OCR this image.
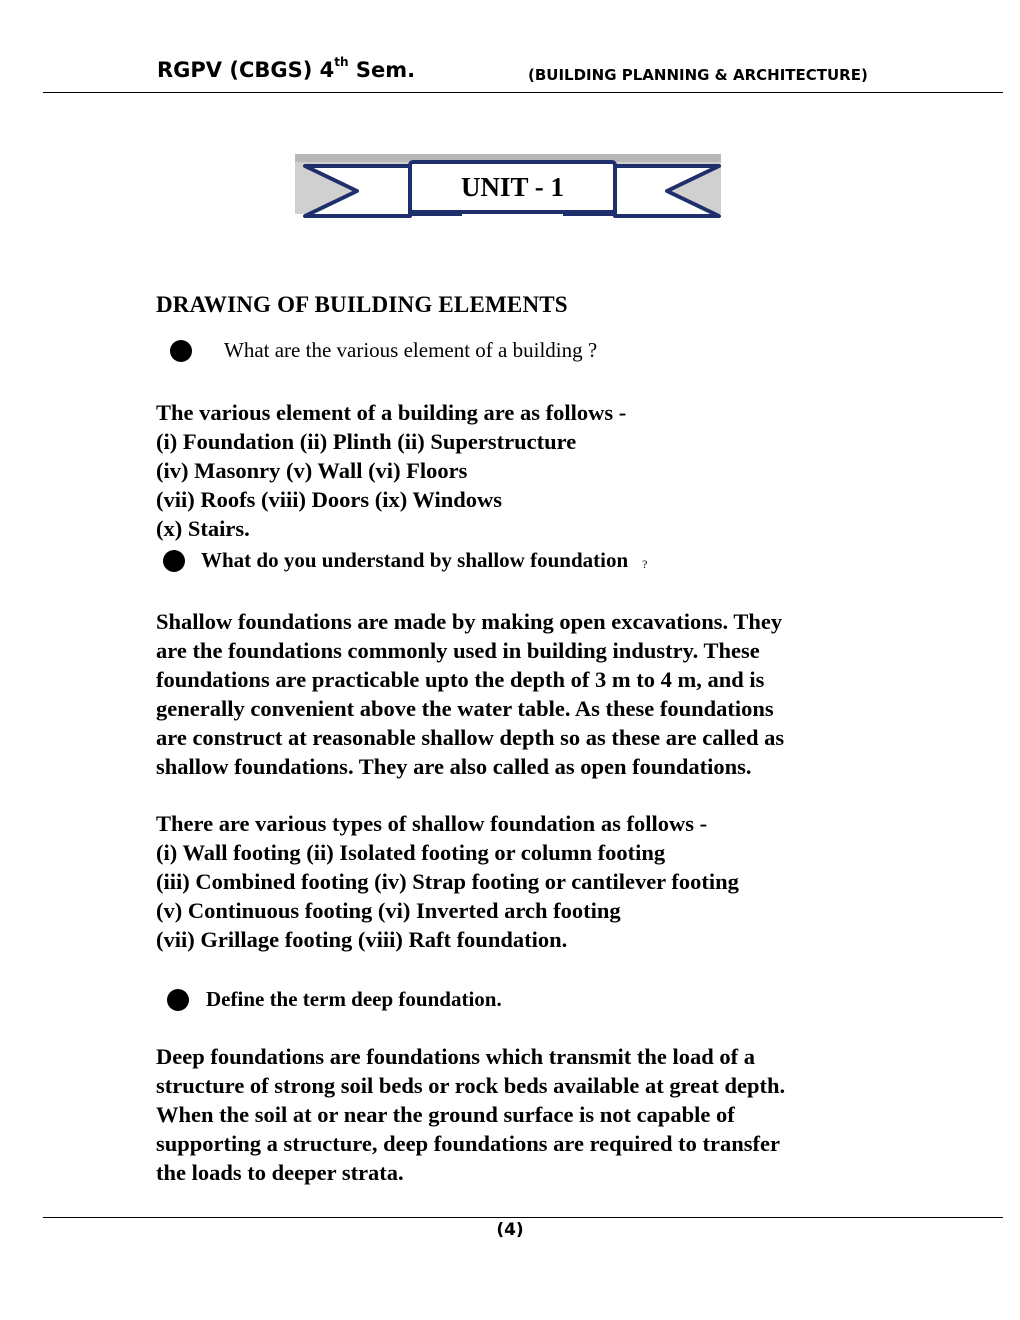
RGPV (CBGS) 4th Sem.	(BUILDING PLANNING & ARCHITECTURE)
UNIT - 1
DRAWING OF BUILDING ELEMENTS
What are the various element of a building ?
The various element of a building are as follows -
(i) Foundation (ii) Plinth (ii) Superstructure
(iv) Masonry (v) Wall (vi) Floors
(vii) Roofs (viii) Doors (ix) Windows
(x) Stairs.
What do you understand by shallow foundation ?
Shallow foundations are made by making open excavations. They
are the foundations commonly used in building industry. These
foundations are practicable upto the depth of 3 m to 4 m, and is
generally convenient above the water table. As these foundations
are construct at reasonable shallow depth so as these are called as
shallow foundations. They are also called as open foundations.
There are various types of shallow foundation as follows -
(i) Wall footing (ii) Isolated footing or column footing
(iii) Combined footing (iv) Strap footing or cantilever footing
(v) Continuous footing (vi) Inverted arch footing
(vii) Grillage footing (viii) Raft foundation.
Define the term deep foundation.
Deep foundations are foundations which transmit the load of a
structure of strong soil beds or rock beds available at great depth.
When the soil at or near the ground surface is not capable of
supporting a structure, deep foundations are required to transfer
the loads to deeper strata.
(4)
